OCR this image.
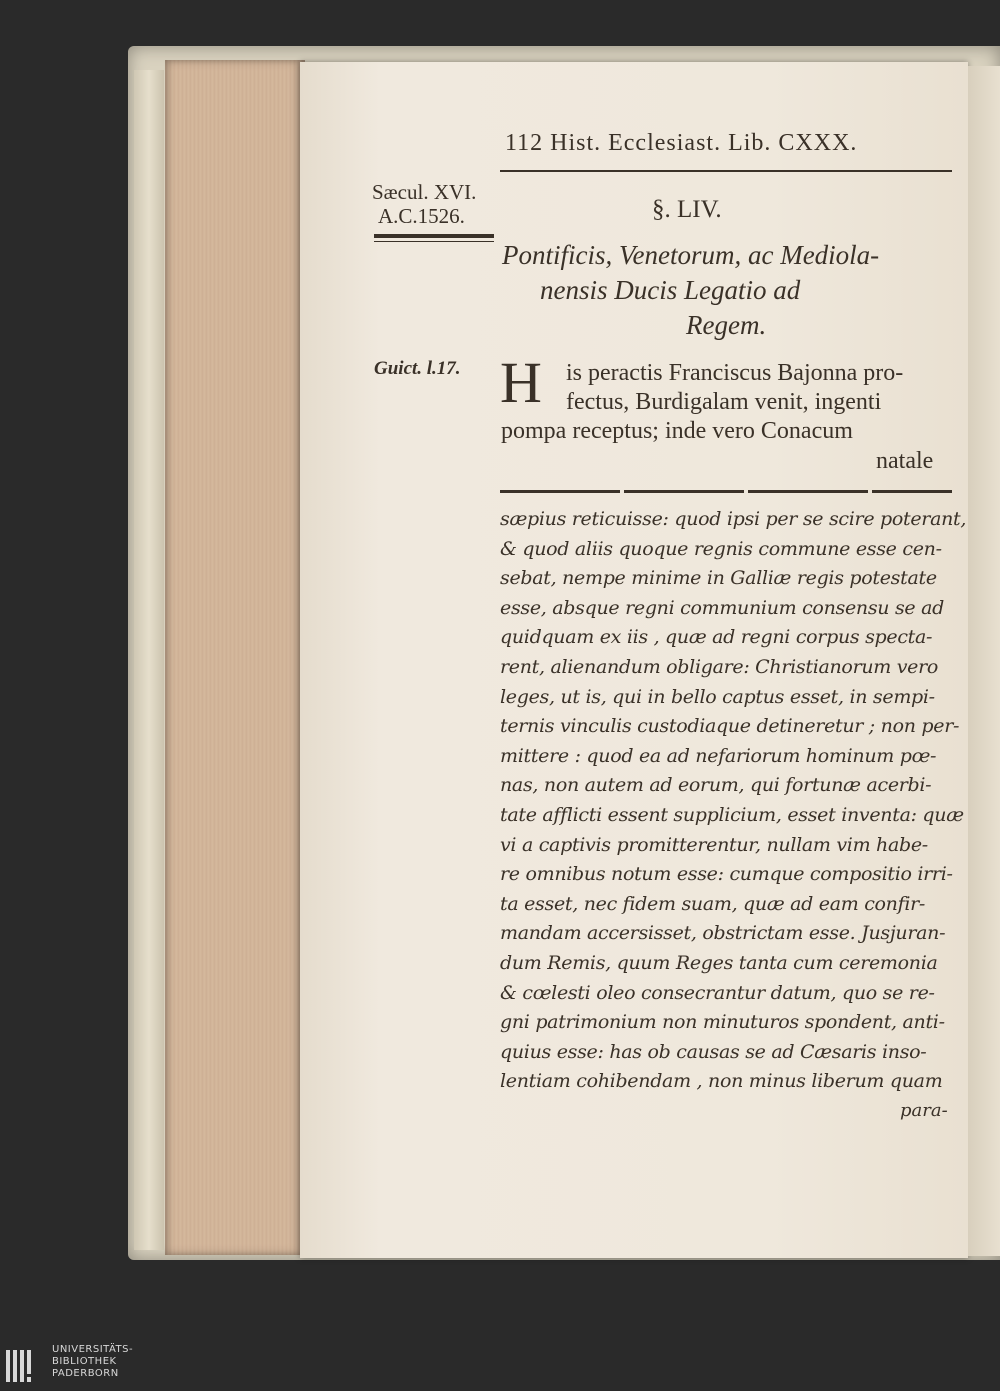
112 Hist. Ecclesiast. Lib. CXXX.
Sæcul. XVI.
A.C.1526.	§. LIV.
Pontificis, Venetorum, ac Mediola-
nensis Ducis Legatio ad
Regem.
Guict. l.17. H is peractis Franciscus Bajonna pro-
fectus, Burdigalam venit, ingenti
pompa receptus; inde vero Conacum
natale
sæpius reticuisse: quod ipsi per se scire poterant,
& quod aliis quoque regnis commune esse cen-
sebat, nempe minime in Galliæ regis potestate
esse, absque regni communium consensu se ad
quidquam ex iis , quæ ad regni corpus specta-
rent, alienandum obligare: Christianorum vero
leges, ut is, qui in bello captus esset, in sempi-
ternis vinculis custodiaque detineretur ; non per-
mittere : quod ea ad nefariorum hominum pœ-
nas, non autem ad eorum, qui fortunæ acerbi-
tate afflicti essent supplicium, esset inventa: quæ
vi a captivis promitterentur, nullam vim habe-
re omnibus notum esse: cumque compositio irri-
ta esset, nec fidem suam, quæ ad eam confir-
mandam accersisset, obstrictam esse. Jusjuran-
dum Remis, quum Reges tanta cum ceremonia
& cœlesti oleo consecrantur datum, quo se re-
gni patrimonium non minuturos spondent, anti-
quius esse: has ob causas se ad Cæsaris inso-
lentiam cohibendam , non minus liberum quam
para-
UNIVERSITÄTS-
BIBLIOTHEK
PADERBORN
